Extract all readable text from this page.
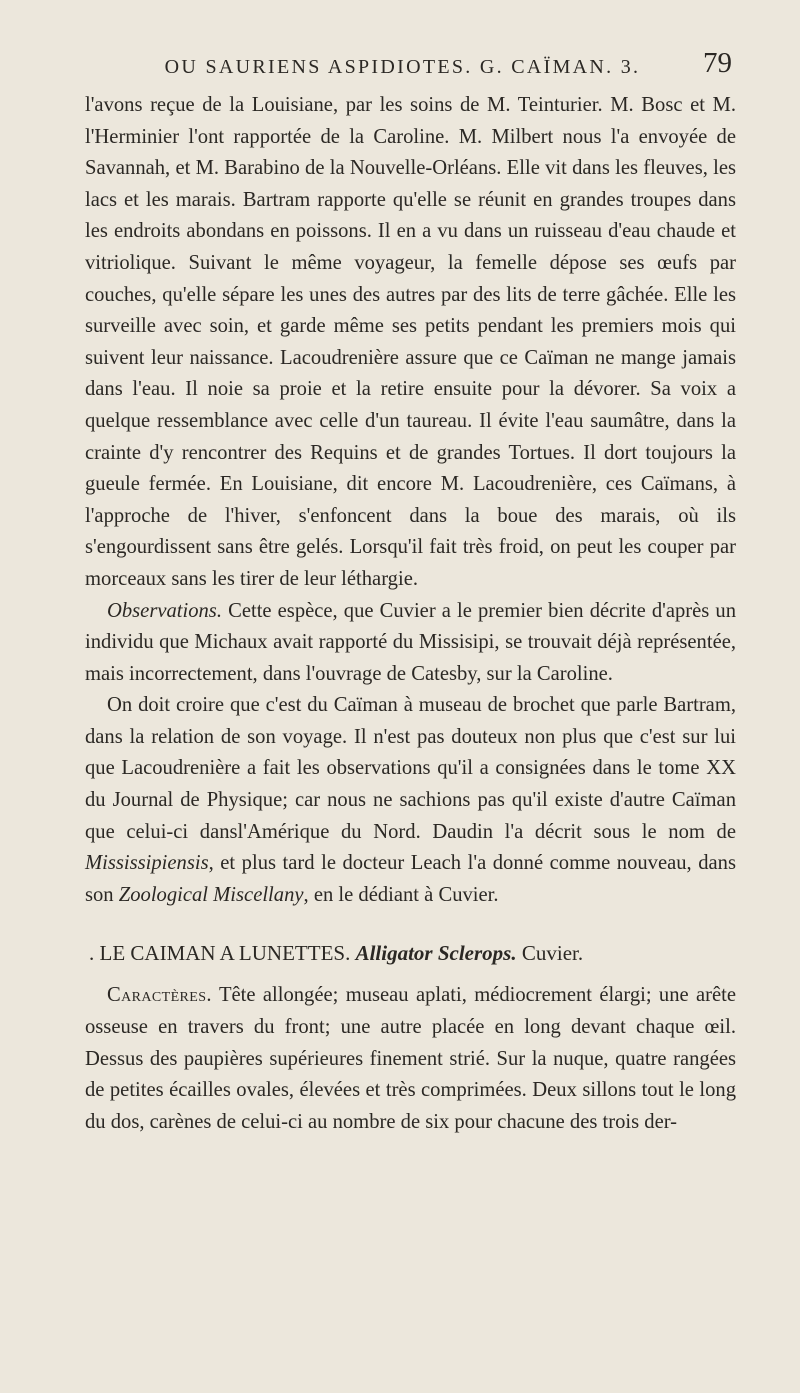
OU SAURIENS ASPIDIOTES. G. CAÏMAN. 3. 79

l'avons reçue de la Louisiane, par les soins de M. Teinturier. M. Bosc et M. l'Herminier l'ont rapportée de la Caroline. M. Milbert nous l'a envoyée de Savannah, et M. Barabino de la Nouvelle-Orléans. Elle vit dans les fleuves, les lacs et les marais. Bartram rapporte qu'elle se réunit en grandes troupes dans les endroits abondans en poissons. Il en a vu dans un ruisseau d'eau chaude et vitriolique. Suivant le même voyageur, la femelle dépose ses œufs par couches, qu'elle sépare les unes des autres par des lits de terre gâchée. Elle les surveille avec soin, et garde même ses petits pendant les premiers mois qui suivent leur naissance. Lacoudrenière assure que ce Caïman ne mange jamais dans l'eau. Il noie sa proie et la retire ensuite pour la dévorer. Sa voix a quelque ressemblance avec celle d'un taureau. Il évite l'eau saumâtre, dans la crainte d'y rencontrer des Requins et de grandes Tortues. Il dort toujours la gueule fermée. En Louisiane, dit encore M. Lacoudrenière, ces Caïmans, à l'approche de l'hiver, s'enfoncent dans la boue des marais, où ils s'engourdissent sans être gelés. Lorsqu'il fait très froid, on peut les couper par morceaux sans les tirer de leur léthargie.

Observations. Cette espèce, que Cuvier a le premier bien décrite d'après un individu que Michaux avait rapporté du Missisipi, se trouvait déjà représentée, mais incorrectement, dans l'ouvrage de Catesby, sur la Caroline.

On doit croire que c'est du Caïman à museau de brochet que parle Bartram, dans la relation de son voyage. Il n'est pas douteux non plus que c'est sur lui que Lacoudrenière a fait les observations qu'il a consignées dans le tome XX du Journal de Physique; car nous ne sachions pas qu'il existe d'autre Caïman que celui-ci dansl'Amérique du Nord. Daudin l'a décrit sous le nom de Mississipiensis, et plus tard le docteur Leach l'a donné comme nouveau, dans son Zoological Miscellany, en le dédiant à Cuvier.

. LE CAIMAN A LUNETTES. Alligator Sclerops. Cuvier.

Caractères. Tête allongée; museau aplati, médiocrement élargi; une arête osseuse en travers du front; une autre placée en long devant chaque œil. Dessus des paupières supérieures finement strié. Sur la nuque, quatre rangées de petites écailles ovales, élevées et très comprimées. Deux sillons tout le long du dos, carènes de celui-ci au nombre de six pour chacune des trois der-
